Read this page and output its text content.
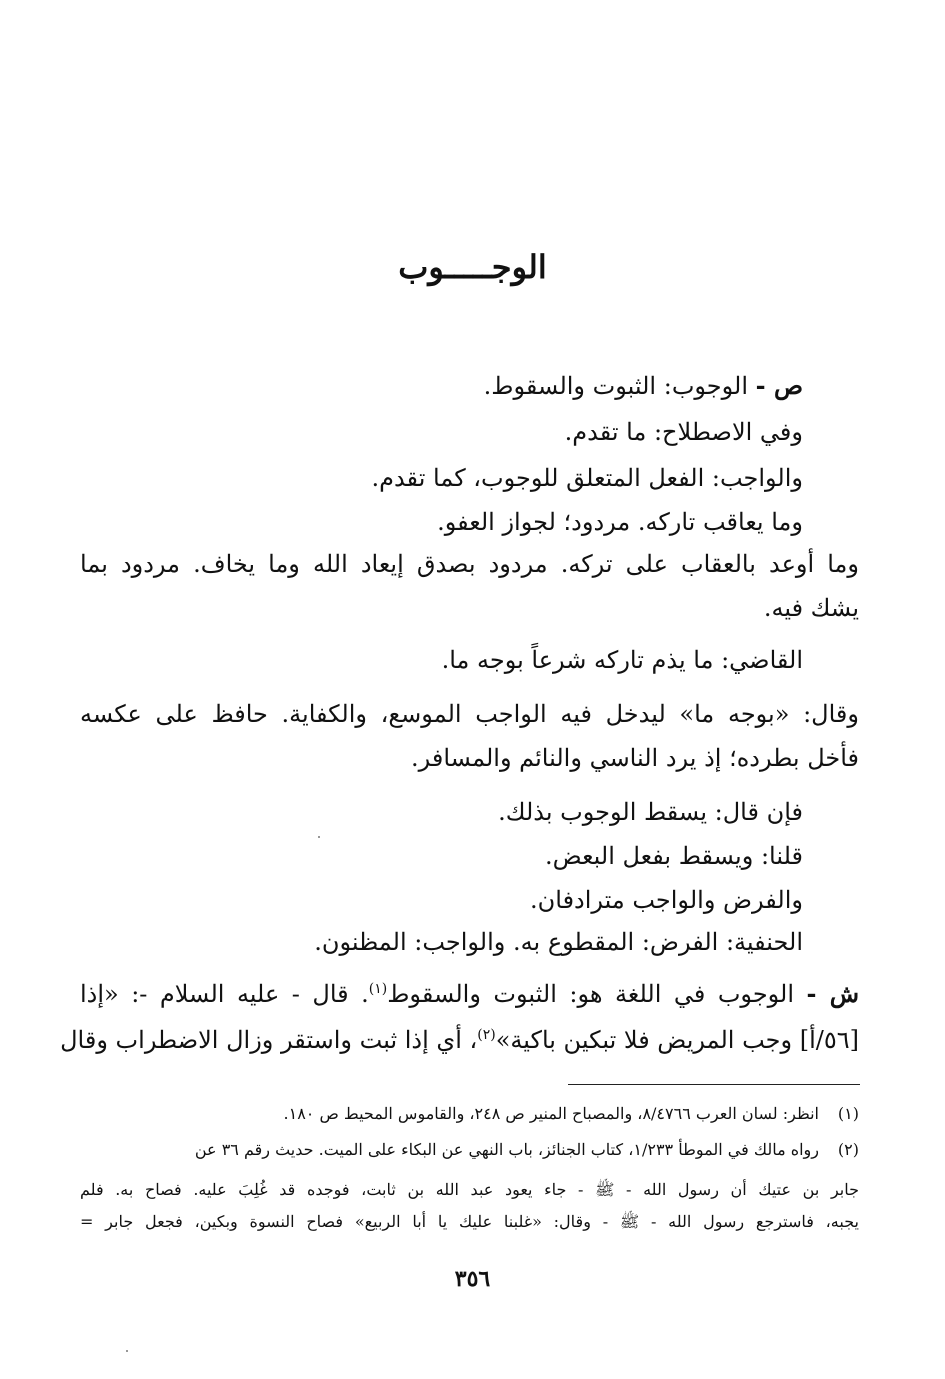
الوجـــــوب
ص - الوجوب: الثبوت والسقوط.
وفي الاصطلاح: ما تقدم.
والواجب: الفعل المتعلق للوجوب، كما تقدم.
وما يعاقب تاركه. مردود؛ لجواز العفو.
وما أوعد بالعقاب على تركه. مردود بصدق إيعاد الله وما يخاف. مردود بما
يشك فيه.
القاضي: ما يذم تاركه شرعاً بوجه ما.
وقال: «بوجه ما» ليدخل فيه الواجب الموسع، والكفاية. حافظ على عكسه
فأخل بطرده؛ إذ يرد الناسي والنائم والمسافر.
فإن قال: يسقط الوجوب بذلك.
قلنا: ويسقط بفعل البعض.
والفرض والواجب مترادفان.
الحنفية: الفرض: المقطوع به. والواجب: المظنون.
ش - الوجوب في اللغة هو: الثبوت والسقوط$^{(١)}$. قال - عليه السلام -: «إذا
[٥٦/أ] وجب المريض فلا تبكين باكية»$^{(٢)}$، أي إذا ثبت واستقر وزال الاضطراب وقال
(١)انظر: لسان العرب ٨/٤٧٦٦، والمصباح المنير ص ٢٤٨، والقاموس المحيط ص ١٨٠.
(٢)رواه مالك في الموطأ ١/٢٣٣، كتاب الجنائز، باب النهي عن البكاء على الميت. حديث رقم ٣٦ عن
جابر بن عتيك أن رسول الله - ﷺ - جاء يعود عبد الله بن ثابت، فوجده قد غُلِبَ عليه. فصاح به. فلم
يجبه، فاسترجع رسول الله - ﷺ - وقال: «غلبنا عليك يا أبا الربيع» فصاح النسوة وبكين، فجعل جابر =
٣٥٦
